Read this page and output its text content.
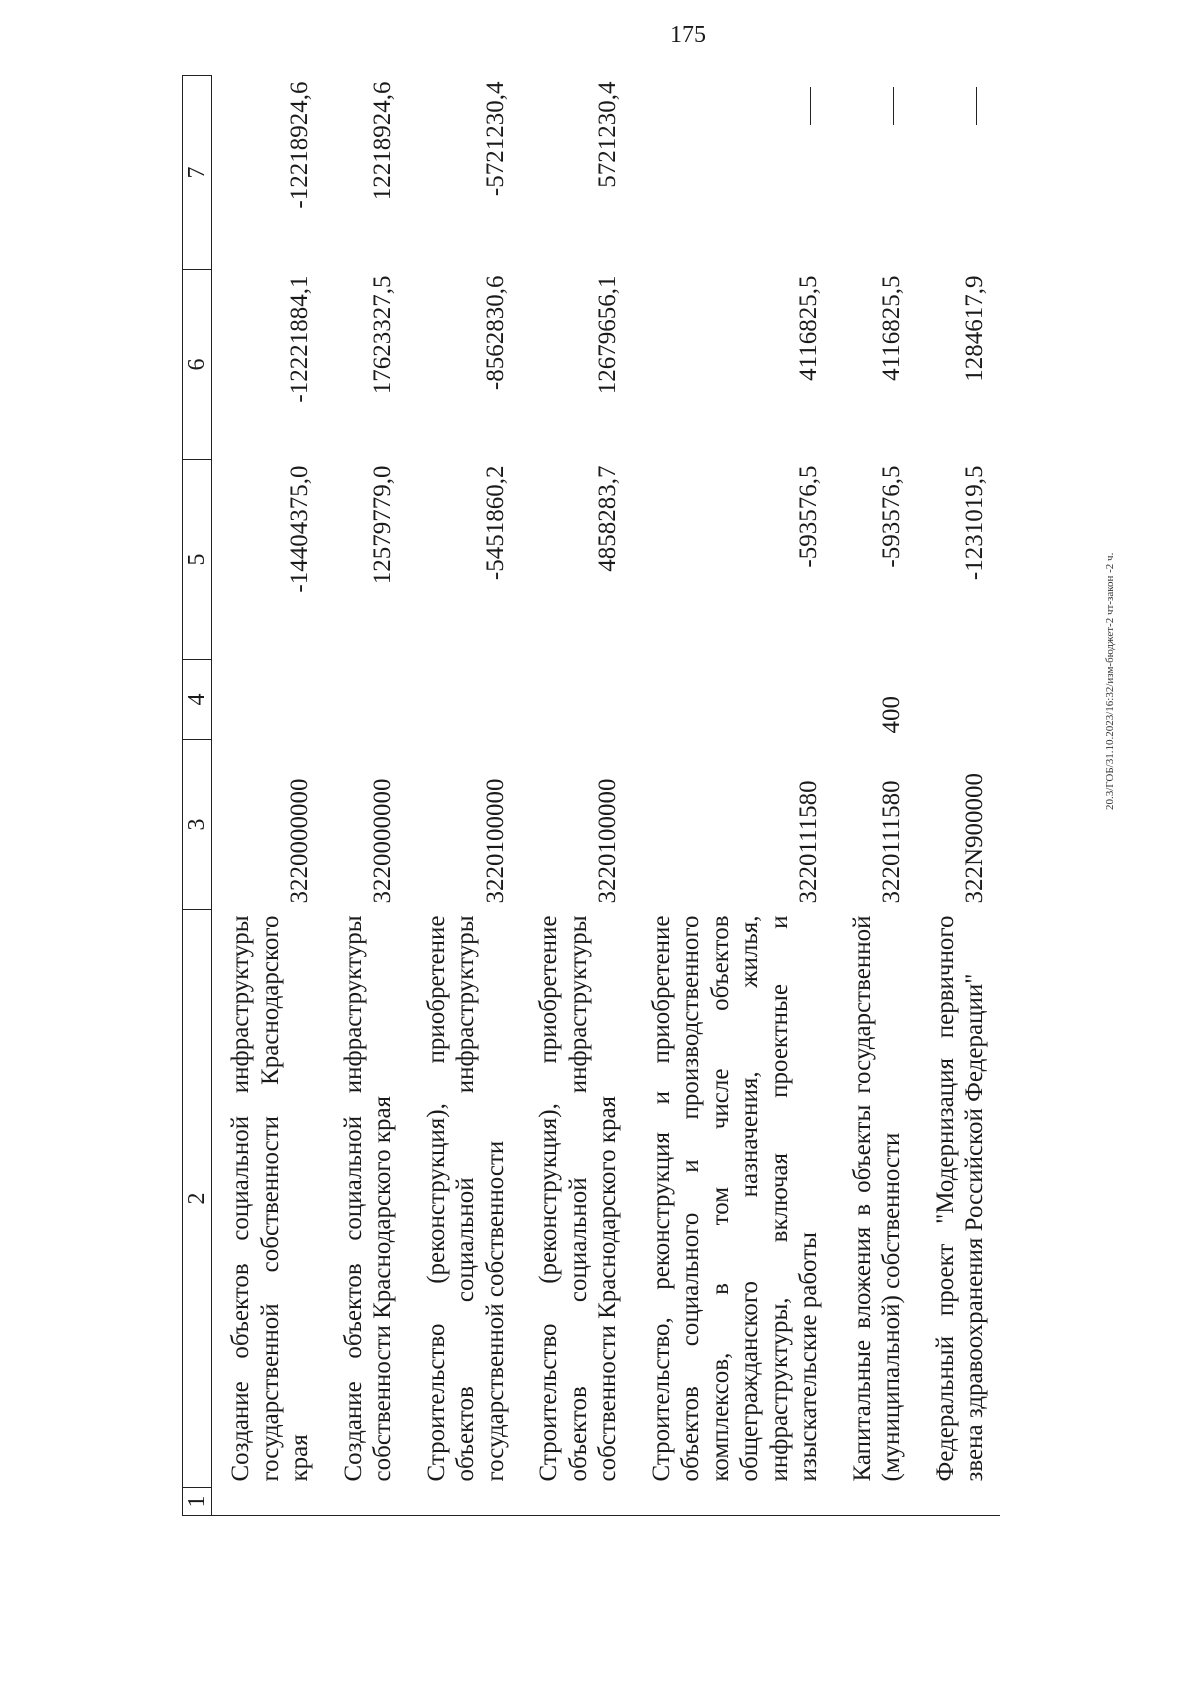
175
20.3/ГОБ/31.10.2023/16:32/изм-бюджет-2 чт-закон -2 ч.
1	2	3	4	5	6	7
	Создание объектов социальной инфраструктуры государственной собственности Краснодарского края	3220000000		-14404375,0	-12221884,1	-12218924,6
	Создание объектов социальной инфраструктуры собственности Краснодарского края	3220000000		12579779,0	17623327,5	12218924,6
	Строительство (реконструкция), приобретение объектов социальной инфраструктуры государственной собственности	3220100000		-5451860,2	-8562830,6	-5721230,4
	Строительство (реконструкция), приобретение объектов социальной инфраструктуры собственности Краснодарского края	3220100000		4858283,7	12679656,1	5721230,4
	Строительство, реконструкция и приобретение объектов социального и производственного комплексов, в том числе объектов общегражданского назначения, жилья, инфраструктуры, включая проектные и изыскательские работы	3220111580		-593576,5	4116825,5	
	Капитальные вложения в объекты государственной (муниципальной) собственности	3220111580	400	-593576,5	4116825,5	
	Федеральный проект "Модернизация первичного звена здравоохранения Российской Федерации"	322N900000		-1231019,5	1284617,9	
